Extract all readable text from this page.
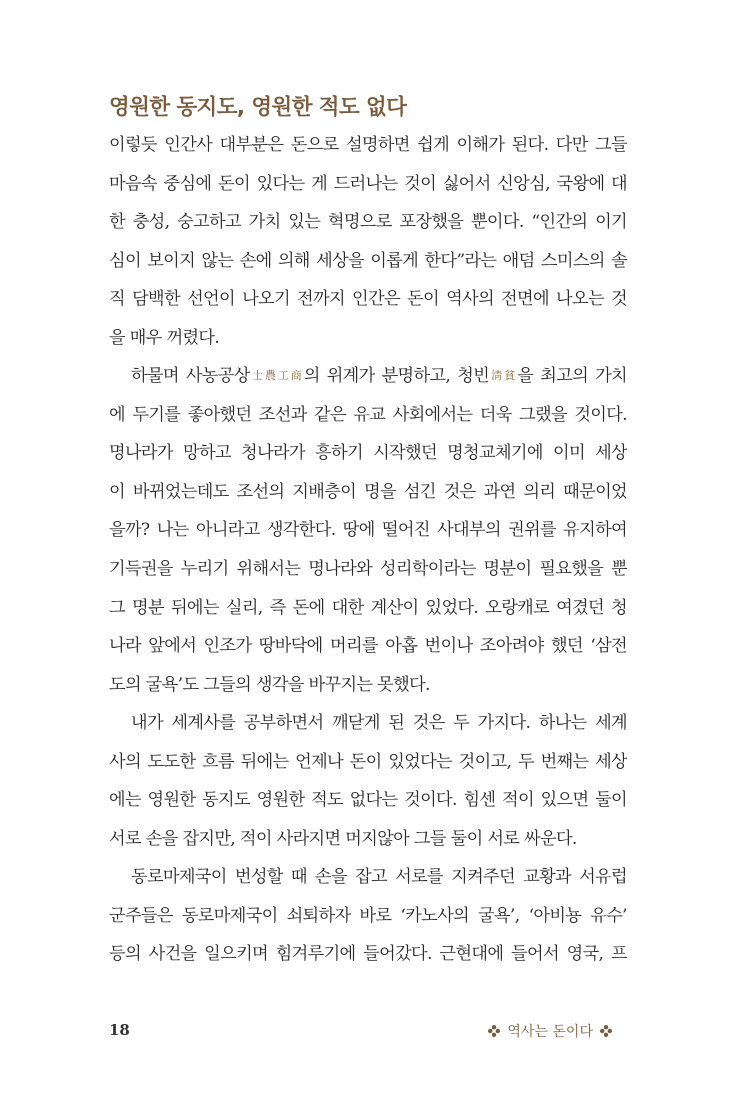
영원한 동지도, 영원한 적도 없다
이렇듯 인간사 대부분은 돈으로 설명하면 쉽게 이해가 된다. 다만 그들
마음속 중심에 돈이 있다는 게 드러나는 것이 싫어서 신앙심, 국왕에 대
한 충성, 숭고하고 가치 있는 혁명으로 포장했을 뿐이다. “인간의 이기
심이 보이지 않는 손에 의해 세상을 이롭게 한다”라는 애덤 스미스의 솔
직 담백한 선언이 나오기 전까지 인간은 돈이 역사의 전면에 나오는 것
을 매우 꺼렸다.
하물며 사농공상士農工商의 위계가 분명하고, 청빈淸貧을 최고의 가치
에 두기를 좋아했던 조선과 같은 유교 사회에서는 더욱 그랬을 것이다.
명나라가 망하고 청나라가 흥하기 시작했던 명청교체기에 이미 세상
이 바뀌었는데도 조선의 지배층이 명을 섬긴 것은 과연 의리 때문이었
을까? 나는 아니라고 생각한다. 땅에 떨어진 사대부의 권위를 유지하여
기득권을 누리기 위해서는 명나라와 성리학이라는 명분이 필요했을 뿐
그 명분 뒤에는 실리, 즉 돈에 대한 계산이 있었다. 오랑캐로 여겼던 청
나라 앞에서 인조가 땅바닥에 머리를 아홉 번이나 조아려야 했던 ‘삼전
도의 굴욕’도 그들의 생각을 바꾸지는 못했다.
내가 세계사를 공부하면서 깨닫게 된 것은 두 가지다. 하나는 세계
사의 도도한 흐름 뒤에는 언제나 돈이 있었다는 것이고, 두 번째는 세상
에는 영원한 동지도 영원한 적도 없다는 것이다. 힘센 적이 있으면 둘이
서로 손을 잡지만, 적이 사라지면 머지않아 그들 둘이 서로 싸운다.
동로마제국이 번성할 때 손을 잡고 서로를 지켜주던 교황과 서유럽
군주들은 동로마제국이 쇠퇴하자 바로 ‘카노사의 굴욕’, ‘아비뇽 유수’
등의 사건을 일으키며 힘겨루기에 들어갔다. 근현대에 들어서 영국, 프
18	역사는 돈이다
